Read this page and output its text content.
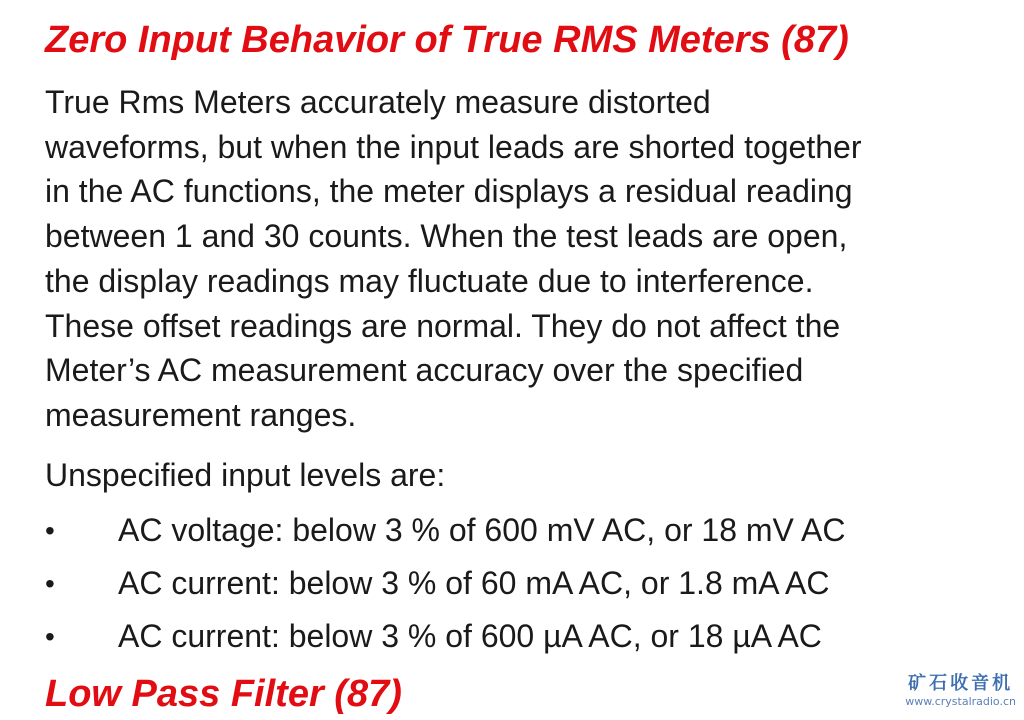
Zero Input Behavior of True RMS Meters (87)

True Rms Meters accurately measure distorted
waveforms, but when the input leads are shorted together
in the AC functions, the meter displays a residual reading
between 1 and 30 counts. When the test leads are open,
the display readings may fluctuate due to interference.
These offset readings are normal. They do not affect the
Meter’s AC measurement accuracy over the specified
measurement ranges.

Unspecified input levels are:

•	AC voltage: below 3 % of 600 mV AC, or 18 mV AC
•	AC current: below 3 % of 60 mA AC, or 1.8 mA AC
•	AC current: below 3 % of 600 µA AC, or 18 µA AC
Low Pass Filter (87)	矿石收音机
www.crystalradio.cn
